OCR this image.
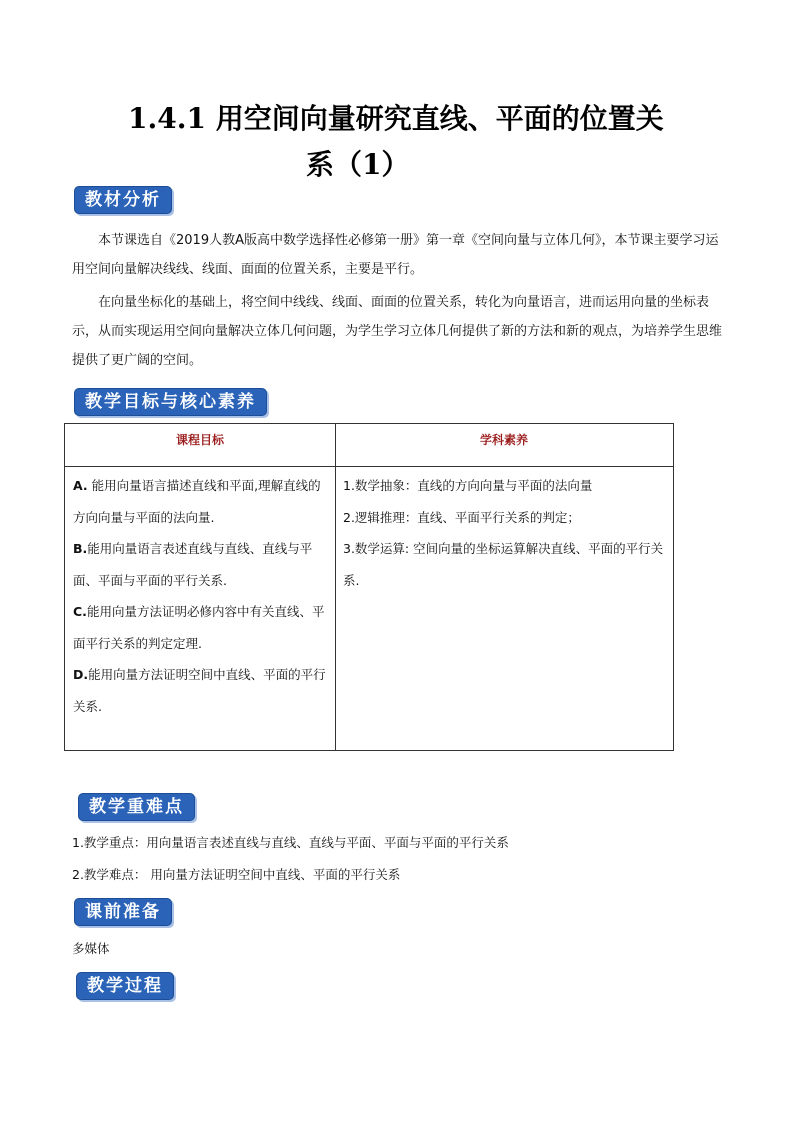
1.4.1 用空间向量研究直线、平面的位置关
系（1）
教材分析
本节课选自《2019人教A版高中数学选择性必修第一册》第一章《空间向量与立体几何》，本节课主要学习运用空间向量解决线线、线面、面面的位置关系，主要是平行。
在向量坐标化的基础上，将空间中线线、线面、面面的位置关系，转化为向量语言，进而运用向量的坐标表示，从而实现运用空间向量解决立体几何问题，为学生学习立体几何提供了新的方法和新的观点，为培养学生思维提供了更广阔的空间。
教学目标与核心素养
课程目标	学科素养
A. 能用向量语言描述直线和平面,理解直线的方向向量与平面的法向量.
B.能用向量语言表述直线与直线、直线与平面、平面与平面的平行关系.
C.能用向量方法证明必修内容中有关直线、平面平行关系的判定定理.
D.能用向量方法证明空间中直线、平面的平行关系.
1.数学抽象：直线的方向向量与平面的法向量
2.逻辑推理：直线、平面平行关系的判定；
3.数学运算: 空间向量的坐标运算解决直线、平面的平行关系.
教学重难点
1.教学重点：用向量语言表述直线与直线、直线与平面、平面与平面的平行关系
2.教学难点： 用向量方法证明空间中直线、平面的平行关系
课前准备
多媒体
教学过程
